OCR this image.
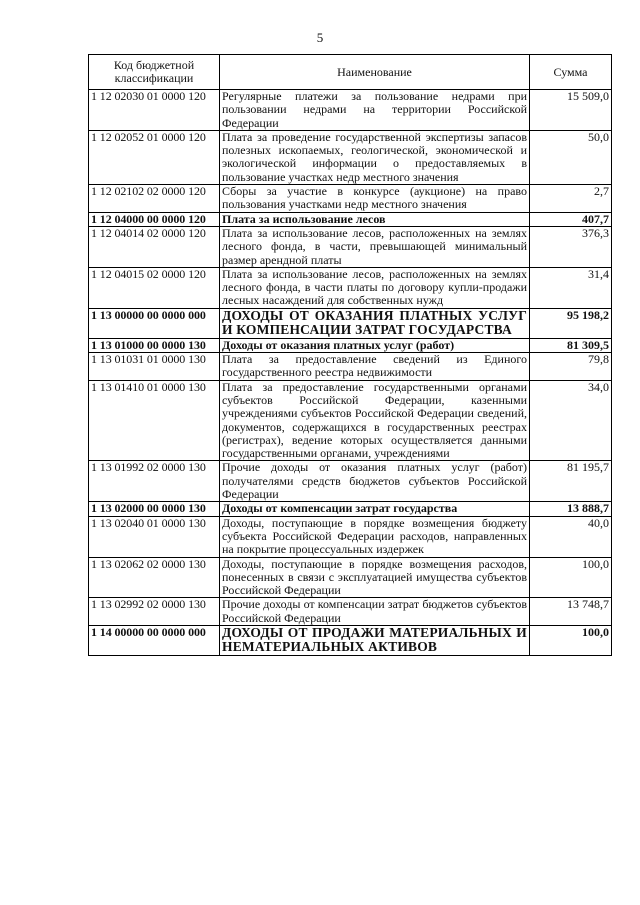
5
Код бюджетной классификации	Наименование	Сумма
1 12 02030 01 0000 120	Регулярные платежи за пользование недрами при пользовании недрами на территории Российской Федерации	15 509,0
1 12 02052 01 0000 120	Плата за проведение государственной экспертизы запасов полезных ископаемых, геологической, экономической и экологической информации о предоставляемых в пользование участках недр местного значения	50,0
1 12 02102 02 0000 120	Сборы за участие в конкурсе (аукционе) на право пользования участками недр местного значения	2,7
1 12 04000 00 0000 120	Плата за использование лесов	407,7
1 12 04014 02 0000 120	Плата за использование лесов, расположенных на землях лесного фонда, в части, превышающей минимальный размер арендной платы	376,3
1 12 04015 02 0000 120	Плата за использование лесов, расположенных на землях лесного фонда, в части платы по договору купли-продажи лесных насаждений для собственных нужд	31,4
1 13 00000 00 0000 000	ДОХОДЫ ОТ ОКАЗАНИЯ ПЛАТНЫХ УСЛУГ И КОМПЕНСАЦИИ ЗАТРАТ ГОСУДАРСТВА	95 198,2
1 13 01000 00 0000 130	Доходы от оказания платных услуг (работ)	81 309,5
1 13 01031 01 0000 130	Плата за предоставление сведений из Единого государственного реестра недвижимости	79,8
1 13 01410 01 0000 130	Плата за предоставление государственными органами субъектов Российской Федерации, казенными учреждениями субъектов Российской Федерации сведений, документов, содержащихся в государственных реестрах (регистрах), ведение которых осуществляется данными государственными органами, учреждениями	34,0
1 13 01992 02 0000 130	Прочие доходы от оказания платных услуг (работ) получателями средств бюджетов субъектов Российской Федерации	81 195,7
1 13 02000 00 0000 130	Доходы от компенсации затрат государства	13 888,7
1 13 02040 01 0000 130	Доходы, поступающие в порядке возмещения бюджету субъекта Российской Федерации расходов, направленных на покрытие процессуальных издержек	40,0
1 13 02062 02 0000 130	Доходы, поступающие в порядке возмещения расходов, понесенных в связи с эксплуатацией имущества субъектов Российской Федерации	100,0
1 13 02992 02 0000 130	Прочие доходы от компенсации затрат бюджетов субъектов Российской Федерации	13 748,7
1 14 00000 00 0000 000	ДОХОДЫ ОТ ПРОДАЖИ МАТЕРИАЛЬНЫХ И НЕМАТЕРИАЛЬНЫХ АКТИВОВ	100,0
